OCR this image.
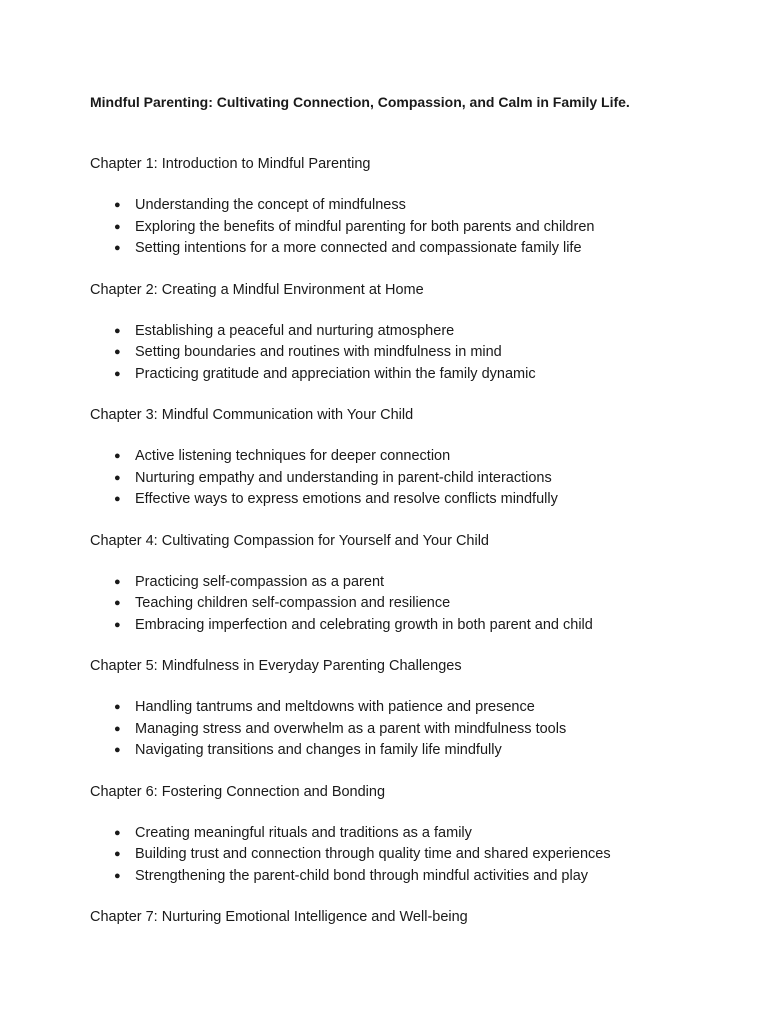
Mindful Parenting: Cultivating Connection, Compassion, and Calm in Family Life.
Chapter 1: Introduction to Mindful Parenting
● Understanding the concept of mindfulness
● Exploring the benefits of mindful parenting for both parents and children
● Setting intentions for a more connected and compassionate family life
Chapter 2: Creating a Mindful Environment at Home
● Establishing a peaceful and nurturing atmosphere
● Setting boundaries and routines with mindfulness in mind
● Practicing gratitude and appreciation within the family dynamic
Chapter 3: Mindful Communication with Your Child
● Active listening techniques for deeper connection
● Nurturing empathy and understanding in parent-child interactions
● Effective ways to express emotions and resolve conflicts mindfully
Chapter 4: Cultivating Compassion for Yourself and Your Child
● Practicing self-compassion as a parent
● Teaching children self-compassion and resilience
● Embracing imperfection and celebrating growth in both parent and child
Chapter 5: Mindfulness in Everyday Parenting Challenges
● Handling tantrums and meltdowns with patience and presence
● Managing stress and overwhelm as a parent with mindfulness tools
● Navigating transitions and changes in family life mindfully
Chapter 6: Fostering Connection and Bonding
● Creating meaningful rituals and traditions as a family
● Building trust and connection through quality time and shared experiences
● Strengthening the parent-child bond through mindful activities and play
Chapter 7: Nurturing Emotional Intelligence and Well-being
